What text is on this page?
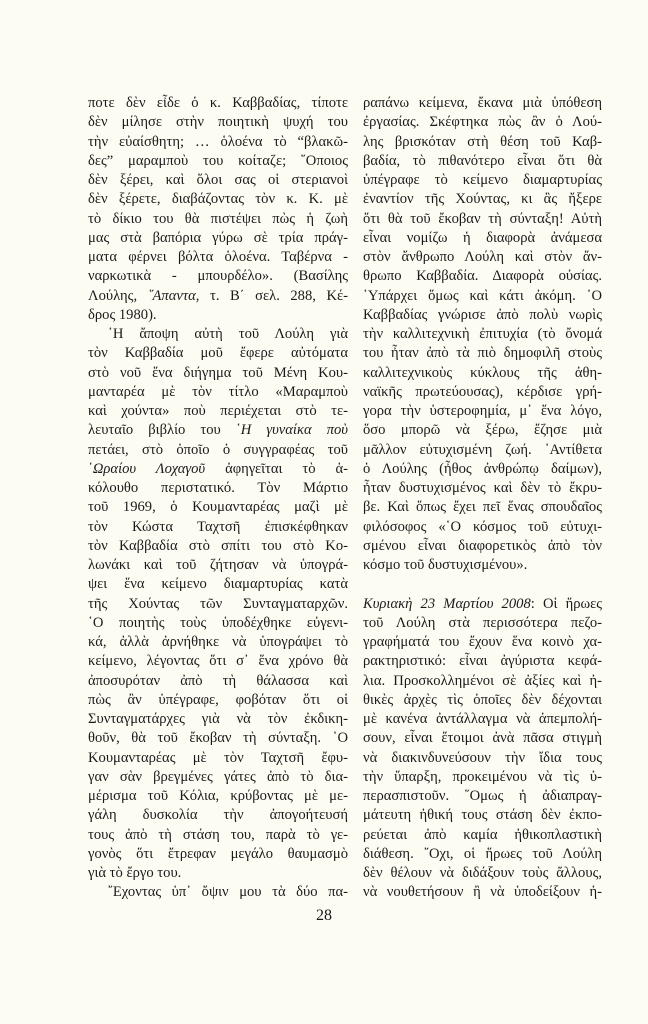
ποτε δὲν εἶδε ὁ κ. Καββαδίας, τίποτε
δὲν μίλησε στὴν ποιητικὴ ψυχή του
τὴν εὐαίσθητη; … ὁλοένα τὸ “βλακῶ-
δες” μαραμποὺ του κοίταζε; ῞Οποιος
δὲν ξέρει, καὶ ὅλοι σας οἱ στεριανοὶ
δὲν ξέρετε, διαβάζοντας τὸν κ. Κ. μὲ
τὸ δίκιο του θὰ πιστέψει πὼς ἡ ζωὴ
μας στὰ βαπόρια γύρω σὲ τρία πράγ-
ματα φέρνει βόλτα ὁλοένα. Ταβέρνα -
ναρκωτικὰ - μπουρδέλο». (Βασίλης
Λούλης, ῞Απαντα, τ. Β΄ σελ. 288, Κέ-
δρος 1980).
῾Η ἄποψη αὐτὴ τοῦ Λούλη γιὰ
τὸν Καββαδία μοῦ ἔφερε αὐτόματα
στὸ νοῦ ἕνα διήγημα τοῦ Μένη Κου-
μανταρέα μὲ τὸν τίτλο «Μαραμποὺ
καὶ χούντα» ποὺ περιέχεται στὸ τε-
λευταῖο βιβλίο του ῾Η γυναίκα ποὺ
πετάει, στὸ ὁποῖο ὁ συγγραφέας τοῦ
῾Ωραίου Λοχαγοῦ ἀφηγεῖται τὸ ἀ-
κόλουθο περιστατικό. Τὸν Μάρτιο
τοῦ 1969, ὁ Κουμανταρέας μαζὶ μὲ
τὸν Κώστα Ταχτσῆ ἐπισκέφθηκαν
τὸν Καββαδία στὸ σπίτι του στὸ Κο-
λωνάκι καὶ τοῦ ζήτησαν νὰ ὑπογρά-
ψει ἕνα κείμενο διαμαρτυρίας κατὰ
τῆς Χούντας τῶν Συνταγματαρχῶν.
῾Ο ποιητὴς τοὺς ὑποδέχθηκε εὐγενι-
κά, ἀλλὰ ἀρνήθηκε νὰ ὑπογράψει τὸ
κείμενο, λέγοντας ὅτι σ᾿ ἕνα χρόνο θὰ
ἀποσυρόταν ἀπὸ τὴ θάλασσα καὶ
πὼς ἂν ὑπέγραφε, φοβόταν ὅτι οἱ
Συνταγματάρχες γιὰ νὰ τὸν ἐκδικη-
θοῦν, θὰ τοῦ ἔκοβαν τὴ σύνταξη. ῾Ο
Κουμανταρέας μὲ τὸν Ταχτσῆ ἔφυ-
γαν σὰν βρεγμένες γάτες ἀπὸ τὸ δια-
μέρισμα τοῦ Κόλια, κρύβοντας μὲ με-
γάλη δυσκολία τὴν ἀπογοήτευσή
τους ἀπὸ τὴ στάση του, παρὰ τὸ γε-
γονὸς ὅτι ἔτρεφαν μεγάλο θαυμασμὸ
γιὰ τὸ ἔργο του.
῎Εχοντας ὑπ᾿ ὄψιν μου τὰ δύο πα-
ραπάνω κείμενα, ἔκανα μιὰ ὑπόθεση
ἐργασίας. Σκέφτηκα πὼς ἂν ὁ Λού-
λης βρισκόταν στὴ θέση τοῦ Καβ-
βαδία, τὸ πιθανότερο εἶναι ὅτι θὰ
ὑπέγραφε τὸ κείμενο διαμαρτυρίας
ἐναντίον τῆς Χούντας, κι ἂς ἤξερε
ὅτι θὰ τοῦ ἔκοβαν τὴ σύνταξη! Αὐτὴ
εἶναι νομίζω ἡ διαφορὰ ἀνάμεσα
στὸν ἄνθρωπο Λούλη καὶ στὸν ἄν-
θρωπο Καββαδία. Διαφορὰ οὐσίας.
῾Υπάρχει ὅμως καὶ κάτι ἀκόμη. ῾Ο
Καββαδίας γνώρισε ἀπὸ πολὺ νωρὶς
τὴν καλλιτεχνικὴ ἐπιτυχία (τὸ ὄνομά
του ἦταν ἀπὸ τὰ πιὸ δημοφιλῆ στοὺς
καλλιτεχνικοὺς κύκλους τῆς ἀθη-
ναϊκῆς πρωτεύουσας), κέρδισε γρή-
γορα τὴν ὑστεροφημία, μ᾿ ἕνα λόγο,
ὅσο μπορῶ νὰ ξέρω, ἔζησε μιὰ
μᾶλλον εὐτυχισμένη ζωή. ᾿Αντίθετα
ὁ Λούλης (ἦθος ἀνθρώπῳ δαίμων),
ἦταν δυστυχισμένος καὶ δὲν τὸ ἔκρυ-
βε. Καὶ ὅπως ἔχει πεῖ ἕνας σπουδαῖος
φιλόσοφος «῾Ο κόσμος τοῦ εὐτυχι-
σμένου εἶναι διαφορετικὸς ἀπὸ τὸν
κόσμο τοῦ δυστυχισμένου».
Κυριακὴ 23 Μαρτίου 2008: Οἱ ἥρωες
τοῦ Λούλη στὰ περισσότερα πεζο-
γραφήματά του ἔχουν ἕνα κοινὸ χα-
ρακτηριστικό: εἶναι ἀγύριστα κεφά-
λια. Προσκολλημένοι σὲ ἀξίες καὶ ἠ-
θικὲς ἀρχὲς τὶς ὁποῖες δὲν δέχονται
μὲ κανένα ἀντάλλαγμα νὰ ἀπεμπολή-
σουν, εἶναι ἕτοιμοι ἀνὰ πᾶσα στιγμὴ
νὰ διακινδυνεύσουν τὴν ἴδια τους
τὴν ὕπαρξη, προκειμένου νὰ τὶς ὑ-
περασπιστοῦν. ῞Ομως ἡ ἀδιαπραγ-
μάτευτη ἠθική τους στάση δὲν ἐκπο-
ρεύεται ἀπὸ καμία ἠθικοπλαστικὴ
διάθεση. ῎Οχι, οἱ ἥρωες τοῦ Λούλη
δὲν θέλουν νὰ διδάξουν τοὺς ἄλλους,
νὰ νουθετήσουν ἢ νὰ ὑποδείξουν ἠ-
28
